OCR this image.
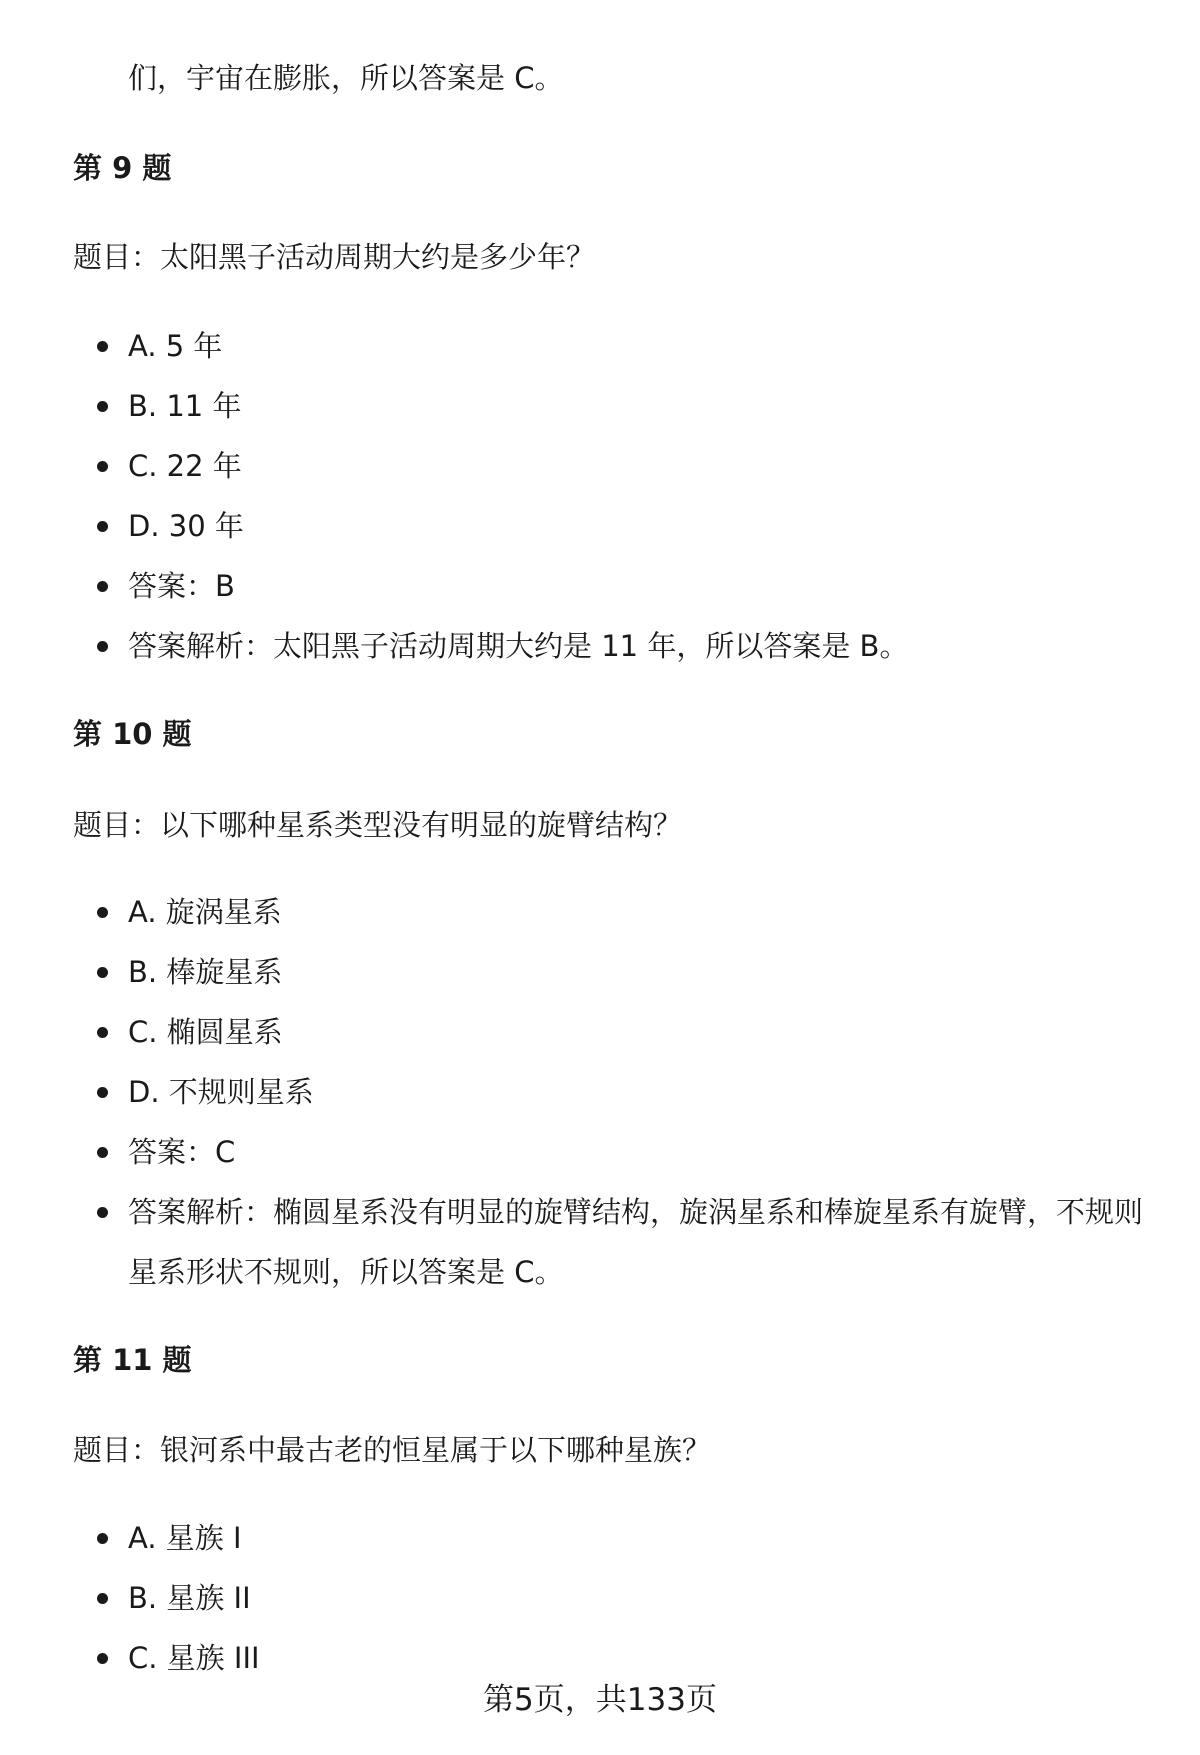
们，宇宙在膨胀，所以答案是 C。
第 9 题
题目：太阳黑子活动周期大约是多少年？
A. 5 年
B. 11 年
C. 22 年
D. 30 年
答案：B
答案解析：太阳黑子活动周期大约是 11 年，所以答案是 B。
第 10 题
题目：以下哪种星系类型没有明显的旋臂结构？
A. 旋涡星系
B. 棒旋星系
C. 椭圆星系
D. 不规则星系
答案：C
答案解析：椭圆星系没有明显的旋臂结构，旋涡星系和棒旋星系有旋臂，不规则星系形状不规则，所以答案是 C。
第 11 题
题目：银河系中最古老的恒星属于以下哪种星族？
A. 星族 I
B. 星族 II
C. 星族 III
第5页，共133页
